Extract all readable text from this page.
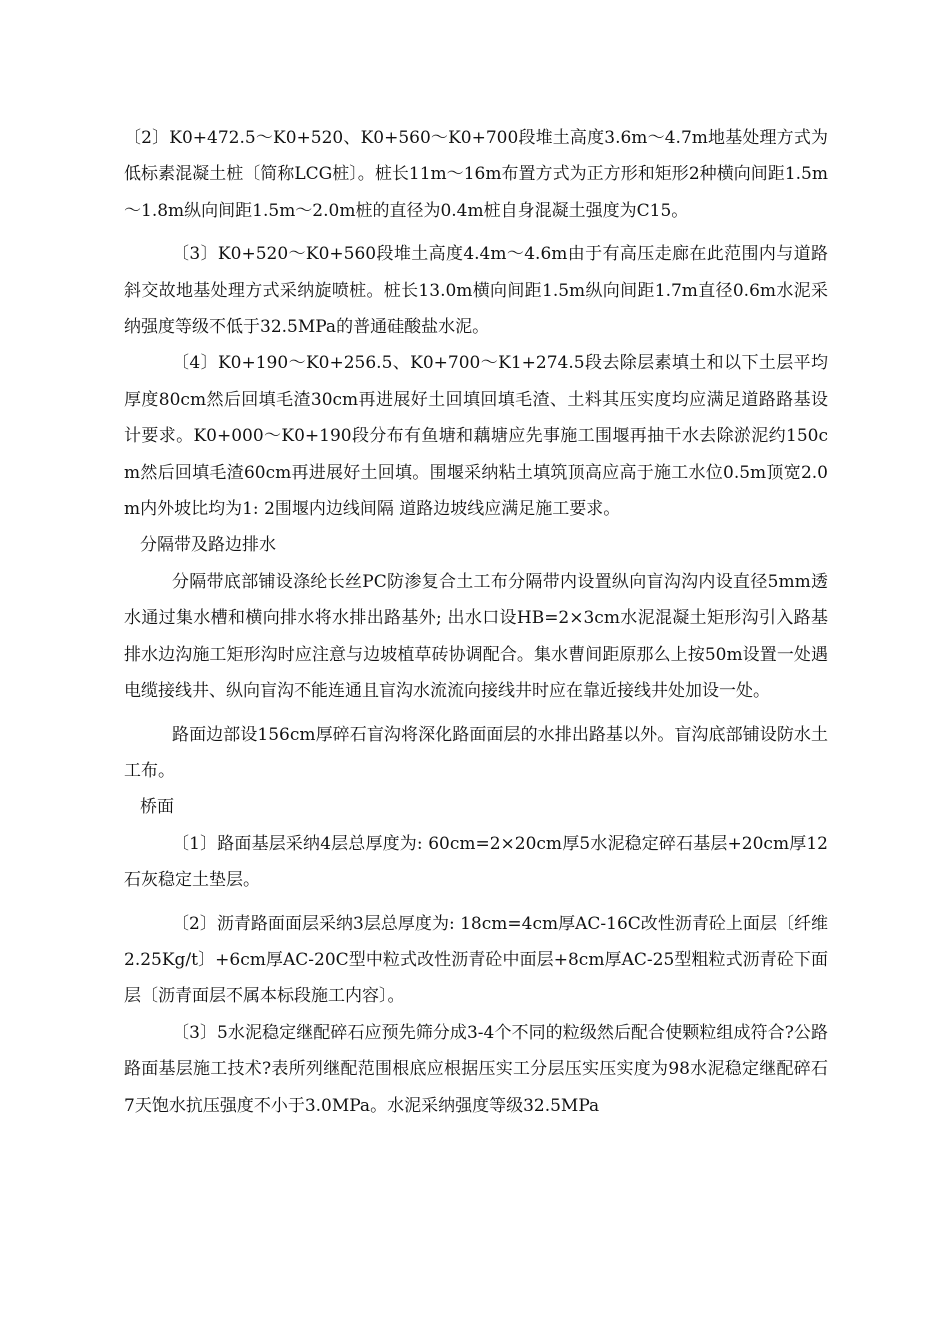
〔2〕K0+472.5～K0+520、K0+560～K0+700段堆土高度3.6m～4.7m地基处理方式为低标素混凝土桩〔简称LCG桩〕。桩长11m～16m布置方式为正方形和矩形2种横向间距1.5m～1.8m纵向间距1.5m～2.0m桩的直径为0.4m桩自身混凝土强度为C15。

〔3〕K0+520～K0+560段堆土高度4.4m～4.6m由于有高压走廊在此范围内与道路斜交故地基处理方式采纳旋喷桩。桩长13.0m横向间距1.5m纵向间距1.7m直径0.6m水泥采纳强度等级不低于32.5MPa的普通硅酸盐水泥。

〔4〕K0+190～K0+256.5、K0+700～K1+274.5段去除层素填土和以下土层平均厚度80cm然后回填毛渣30cm再进展好土回填回填毛渣、土料其压实度均应满足道路路基设计要求。K0+000～K0+190段分布有鱼塘和藕塘应先事施工围堰再抽干水去除淤泥约150cm然后回填毛渣60cm再进展好土回填。围堰采纳粘土填筑顶高应高于施工水位0.5m顶宽2.0m内外坡比均为1: 2围堰内边线间隔 道路边坡线应满足施工要求。

分隔带及路边排水

分隔带底部铺设涤纶长丝PC防渗复合土工布分隔带内设置纵向盲沟沟内设直径5mm透水通过集水槽和横向排水将水排出路基外; 出水口设HB=2×3cm水泥混凝土矩形沟引入路基排水边沟施工矩形沟时应注意与边坡植草砖协调配合。集水曹间距原那么上按50m设置一处遇电缆接线井、纵向盲沟不能连通且盲沟水流流向接线井时应在靠近接线井处加设一处。

路面边部设156cm厚碎石盲沟将深化路面面层的水排出路基以外。盲沟底部铺设防水土工布。

桥面

〔1〕路面基层采纳4层总厚度为: 60cm=2×20cm厚5水泥稳定碎石基层+20cm厚12石灰稳定土垫层。

〔2〕沥青路面面层采纳3层总厚度为: 18cm=4cm厚AC-16C改性沥青砼上面层〔纤维2.25Kg/t〕+6cm厚AC-20C型中粒式改性沥青砼中面层+8cm厚AC-25型粗粒式沥青砼下面层〔沥青面层不属本标段施工内容〕。

〔3〕5水泥稳定继配碎石应预先筛分成3-4个不同的粒级然后配合使颗粒组成符合?公路路面基层施工技术?表所列继配范围根底应根据压实工分层压实压实度为98水泥稳定继配碎石7天饱水抗压强度不小于3.0MPa。水泥采纳强度等级32.5MPa
